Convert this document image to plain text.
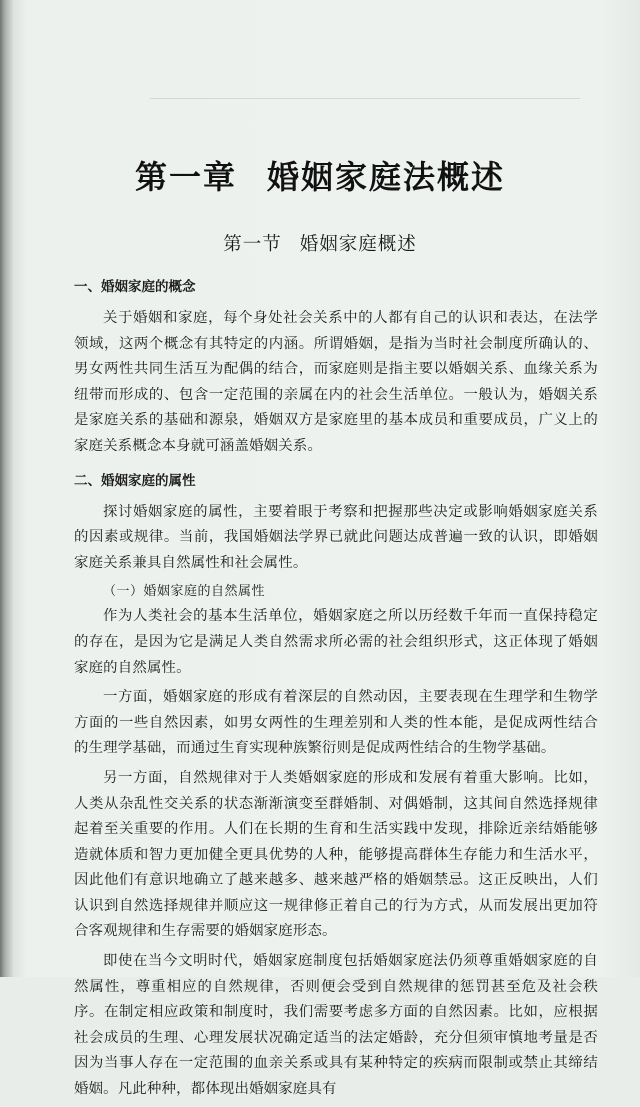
第一章 婚姻家庭法概述
第一节 婚姻家庭概述
一、婚姻家庭的概念

关于婚姻和家庭，每个身处社会关系中的人都有自己的认识和表达，在法学领域，这两个概念有其特定的内涵。所谓婚姻，是指为当时社会制度所确认的、男女两性共同生活互为配偶的结合，而家庭则是指主要以婚姻关系、血缘关系为纽带而形成的、包含一定范围的亲属在内的社会生活单位。一般认为，婚姻关系是家庭关系的基础和源泉，婚姻双方是家庭里的基本成员和重要成员，广义上的家庭关系概念本身就可涵盖婚姻关系。

二、婚姻家庭的属性

探讨婚姻家庭的属性，主要着眼于考察和把握那些决定或影响婚姻家庭关系的因素或规律。当前，我国婚姻法学界已就此问题达成普遍一致的认识，即婚姻家庭关系兼具自然属性和社会属性。

（一）婚姻家庭的自然属性

作为人类社会的基本生活单位，婚姻家庭之所以历经数千年而一直保持稳定的存在，是因为它是满足人类自然需求所必需的社会组织形式，这正体现了婚姻家庭的自然属性。

一方面，婚姻家庭的形成有着深层的自然动因，主要表现在生理学和生物学方面的一些自然因素，如男女两性的生理差别和人类的性本能，是促成两性结合的生理学基础，而通过生育实现种族繁衍则是促成两性结合的生物学基础。

另一方面，自然规律对于人类婚姻家庭的形成和发展有着重大影响。比如，人类从杂乱性交关系的状态渐渐演变至群婚制、对偶婚制，这其间自然选择规律起着至关重要的作用。人们在长期的生育和生活实践中发现，排除近亲结婚能够造就体质和智力更加健全更具优势的人种，能够提高群体生存能力和生活水平，因此他们有意识地确立了越来越多、越来越严格的婚姻禁忌。这正反映出，人们认识到自然选择规律并顺应这一规律修正着自己的行为方式，从而发展出更加符合客观规律和生存需要的婚姻家庭形态。

即使在当今文明时代，婚姻家庭制度包括婚姻家庭法仍须尊重婚姻家庭的自然属性，尊重相应的自然规律，否则便会受到自然规律的惩罚甚至危及社会秩序。在制定相应政策和制度时，我们需要考虑多方面的自然因素。比如，应根据社会成员的生理、心理发展状况确定适当的法定婚龄，充分但须审慎地考量是否因为当事人存在一定范围的血亲关系或具有某种特定的疾病而限制或禁止其缔结婚姻。凡此种种，都体现出婚姻家庭具有
